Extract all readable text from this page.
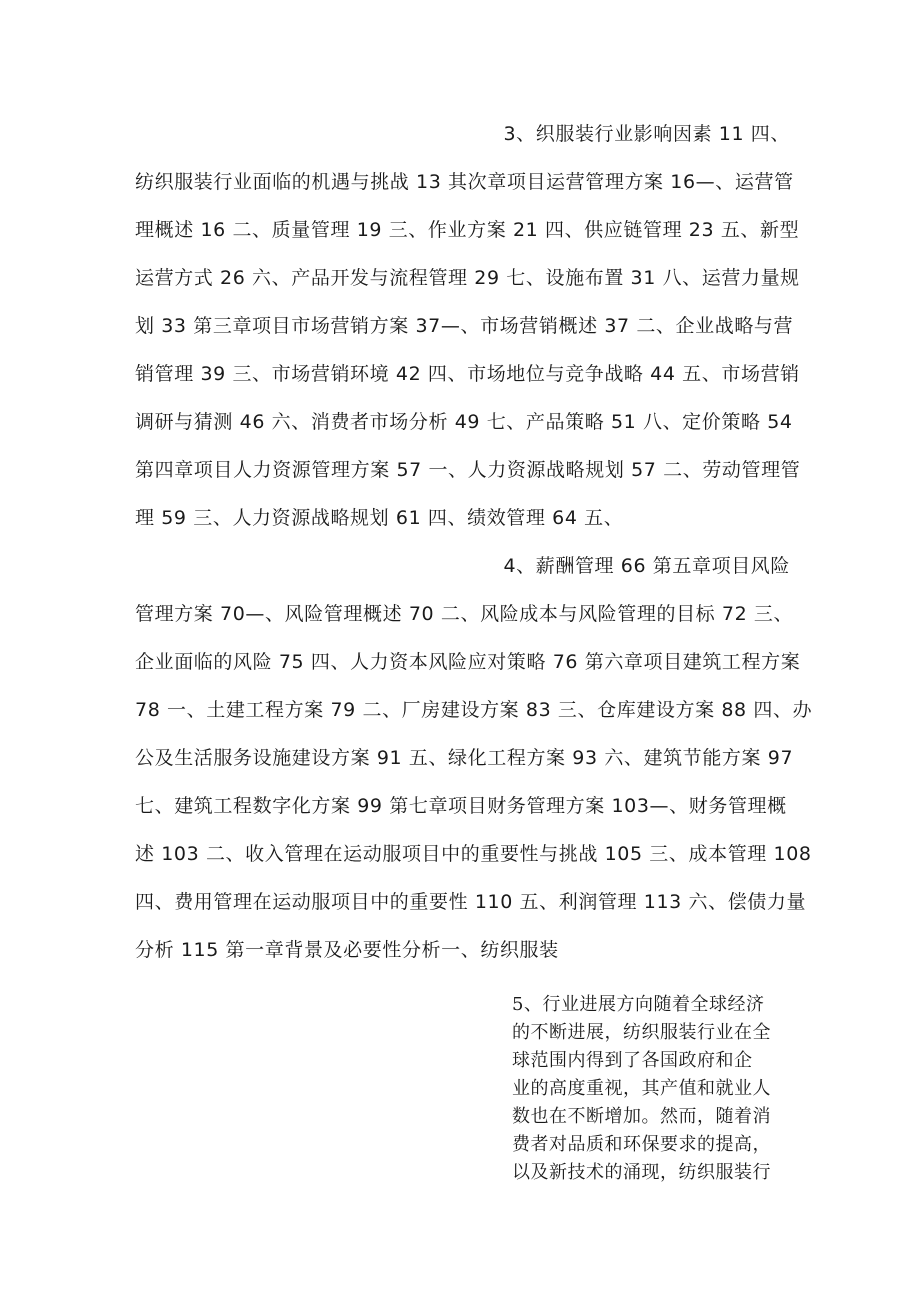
3、织服装行业影响因素 11 四、
纺织服装行业面临的机遇与挑战 13 其次章项目运营管理方案 16—、运营管
理概述 16 二、质量管理 19 三、作业方案 21 四、供应链管理 23 五、新型
运营方式 26 六、产品开发与流程管理 29 七、设施布置 31 八、运营力量规
划 33 第三章项目市场营销方案 37—、市场营销概述 37 二、企业战略与营
销管理 39 三、市场营销环境 42 四、市场地位与竞争战略 44 五、市场营销
调研与猜测 46 六、消费者市场分析 49 七、产品策略 51 八、定价策略 54
第四章项目人力资源管理方案 57 一、人力资源战略规划 57 二、劳动管理管
理 59 三、人力资源战略规划 61 四、绩效管理 64 五、
4、薪酬管理 66 第五章项目风险
管理方案 70—、风险管理概述 70 二、风险成本与风险管理的目标 72 三、
企业面临的风险 75 四、人力资本风险应对策略 76 第六章项目建筑工程方案
78 一、土建工程方案 79 二、厂房建设方案 83 三、仓库建设方案 88 四、办
公及生活服务设施建设方案 91 五、绿化工程方案 93 六、建筑节能方案 97
七、建筑工程数字化方案 99 第七章项目财务管理方案 103—、财务管理概
述 103 二、收入管理在运动服项目中的重要性与挑战 105 三、成本管理 108
四、费用管理在运动服项目中的重要性 110 五、利润管理 113 六、偿债力量
分析 115 第一章背景及必要性分析一、纺织服装
5、行业进展方向随着全球经济
的不断进展，纺织服装行业在全
球范围内得到了各国政府和企
业的高度重视，其产值和就业人
数也在不断增加。然而，随着消
费者对品质和环保要求的提高，
以及新技术的涌现，纺织服装行
